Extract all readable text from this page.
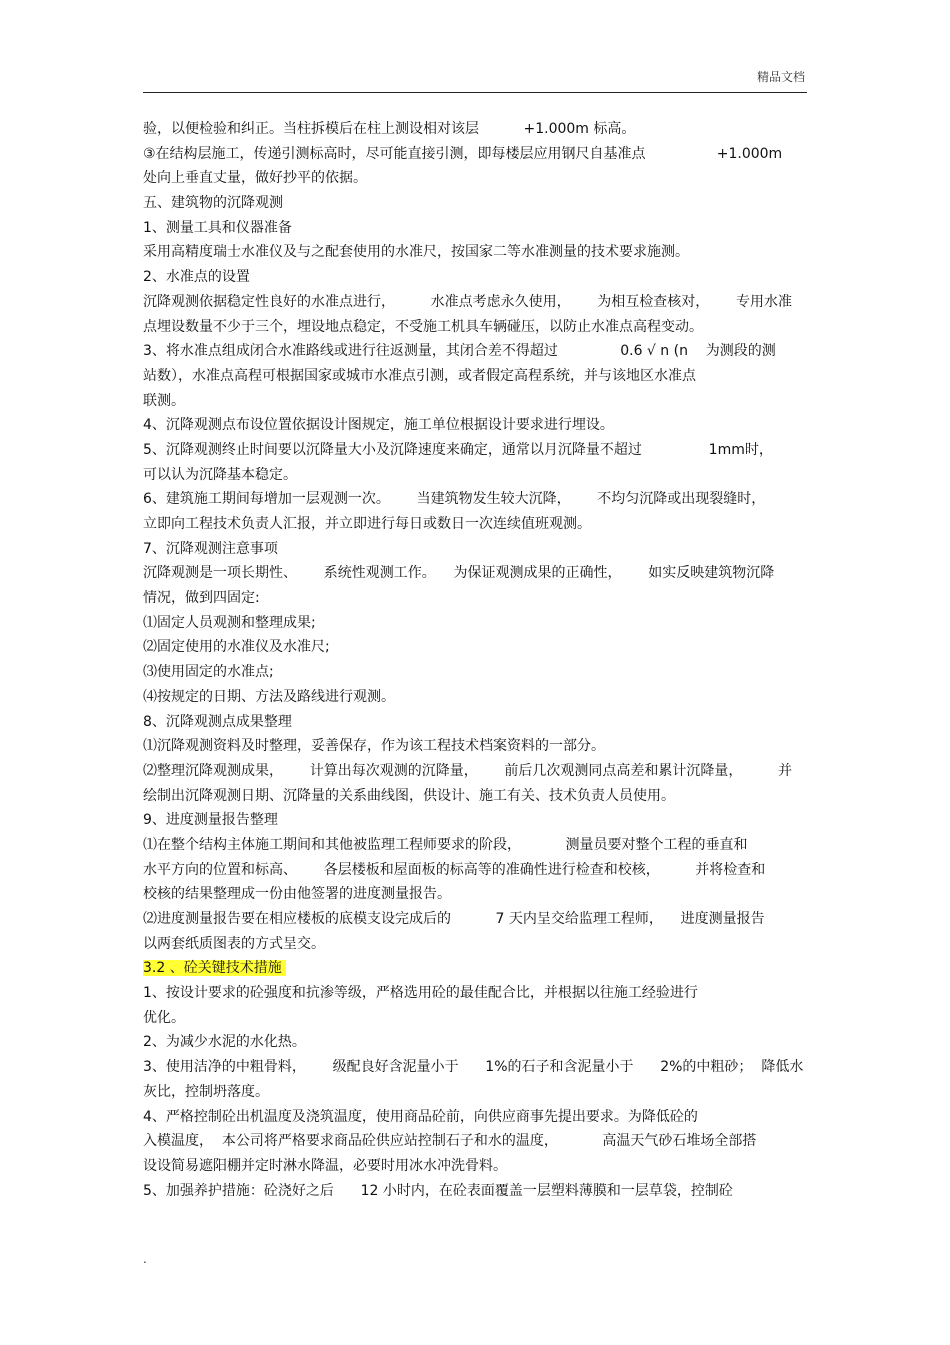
精品文档
验，以便检验和纠正。当柱拆模后在柱上测设相对该层          +1.000m 标高。
③在结构层施工，传递引测标高时，尽可能直接引测，即每楼层应用钢尺自基准点                +1.000m
处向上垂直丈量，做好抄平的依据。
五、建筑物的沉降观测
1、测量工具和仪器准备
采用高精度瑞士水准仪及与之配套使用的水准尺，按国家二等水准测量的技术要求施测。
2、水准点的设置
沉降观测依据稳定性良好的水准点进行，        水准点考虑永久使用，      为相互检查核对，      专用水准
点埋设数量不少于三个，埋设地点稳定，不受施工机具车辆碰压，以防止水准点高程变动。
3、将水准点组成闭合水准路线或进行往返测量，其闭合差不得超过              0.6 √ n (n    为测段的测
站数），水准点高程可根据国家或城市水准点引测，或者假定高程系统，并与该地区水准点
联测。
4、沉降观测点布设位置依据设计图规定，施工单位根据设计要求进行埋设。
5、沉降观测终止时间要以沉降量大小及沉降速度来确定，通常以月沉降量不超过               1mm时，
可以认为沉降基本稳定。
6、建筑施工期间每增加一层观测一次。      当建筑物发生较大沉降，      不均匀沉降或出现裂缝时，
立即向工程技术负责人汇报，并立即进行每日或数日一次连续值班观测。
7、沉降观测注意事项
沉降观测是一项长期性、      系统性观测工作。    为保证观测成果的正确性，      如实反映建筑物沉降
情况，做到四固定:
⑴固定人员观测和整理成果;
⑵固定使用的水准仪及水准尺;
⑶使用固定的水准点;
⑷按规定的日期、方法及路线进行观测。
8、沉降观测点成果整理
⑴沉降观测资料及时整理，妥善保存，作为该工程技术档案资料的一部分。
⑵整理沉降观测成果，      计算出每次观测的沉降量，      前后几次观测同点高差和累计沉降量，        并
绘制出沉降观测日期、沉降量的关系曲线图，供设计、施工有关、技术负责人员使用。
9、进度测量报告整理
⑴在整个结构主体施工期间和其他被监理工程师要求的阶段，          测量员要对整个工程的垂直和
水平方向的位置和标高、      各层楼板和屋面板的标高等的准确性进行检查和校核，        并将检查和
校核的结果整理成一份由他签署的进度测量报告。
⑵进度测量报告要在相应楼板的底模支设完成后的          7 天内呈交给监理工程师，    进度测量报告
以两套纸质图表的方式呈交。
3.2 、砼关键技术措施
1、按设计要求的砼强度和抗渗等级，严格选用砼的最佳配合比，并根据以往施工经验进行
优化。
2、为减少水泥的水化热。
3、使用洁净的中粗骨料，      级配良好含泥量小于      1%的石子和含泥量小于      2%的中粗砂；  降低水
灰比，控制坍落度。
4、严格控制砼出机温度及浇筑温度，使用商品砼前，向供应商事先提出要求。为降低砼的
入模温度，  本公司将严格要求商品砼供应站控制石子和水的温度，          高温天气砂石堆场全部搭
设设简易遮阳棚并定时淋水降温，必要时用冰水冲洗骨料。
5、加强养护措施：砼浇好之后      12 小时内，在砼表面覆盖一层塑料薄膜和一层草袋，控制砼
.
